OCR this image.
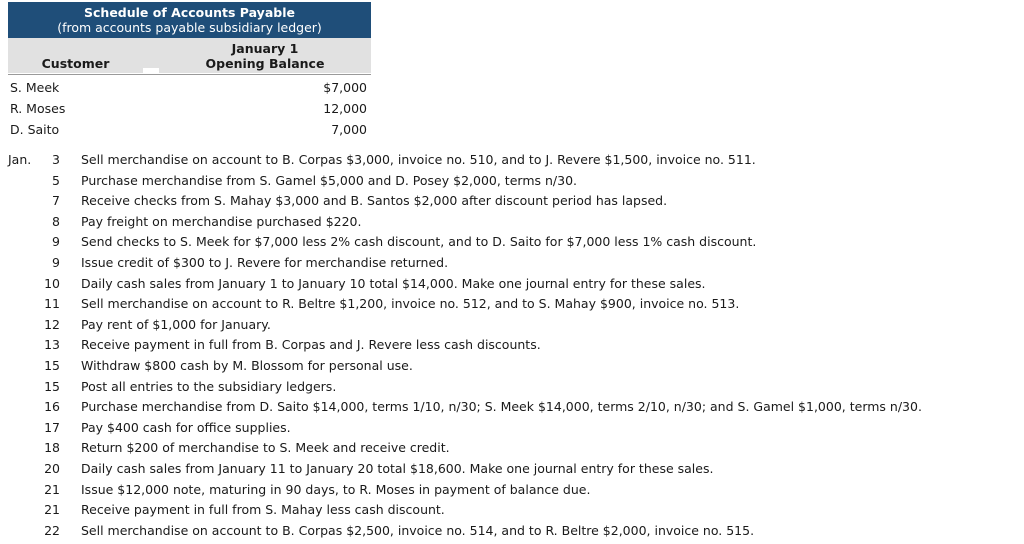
Schedule of Accounts Payable
(from accounts payable subsidiary ledger)
Customer
January 1
Opening Balance
S. Meek	$7,000
R. Moses	12,000
D. Saito	7,000
Jan.	3	Sell merchandise on account to B. Corpas $3,000, invoice no. 510, and to J. Revere $1,500, invoice no. 511.
5	Purchase merchandise from S. Gamel $5,000 and D. Posey $2,000, terms n/30.
7	Receive checks from S. Mahay $3,000 and B. Santos $2,000 after discount period has lapsed.
8	Pay freight on merchandise purchased $220.
9	Send checks to S. Meek for $7,000 less 2% cash discount, and to D. Saito for $7,000 less 1% cash discount.
9	Issue credit of $300 to J. Revere for merchandise returned.
10	Daily cash sales from January 1 to January 10 total $14,000. Make one journal entry for these sales.
11	Sell merchandise on account to R. Beltre $1,200, invoice no. 512, and to S. Mahay $900, invoice no. 513.
12	Pay rent of $1,000 for January.
13	Receive payment in full from B. Corpas and J. Revere less cash discounts.
15	Withdraw $800 cash by M. Blossom for personal use.
15	Post all entries to the subsidiary ledgers.
16	Purchase merchandise from D. Saito $14,000, terms 1/10, n/30; S. Meek $14,000, terms 2/10, n/30; and S. Gamel $1,000, terms n/30.
17	Pay $400 cash for office supplies.
18	Return $200 of merchandise to S. Meek and receive credit.
20	Daily cash sales from January 11 to January 20 total $18,600. Make one journal entry for these sales.
21	Issue $12,000 note, maturing in 90 days, to R. Moses in payment of balance due.
21	Receive payment in full from S. Mahay less cash discount.
22	Sell merchandise on account to B. Corpas $2,500, invoice no. 514, and to R. Beltre $2,000, invoice no. 515.
